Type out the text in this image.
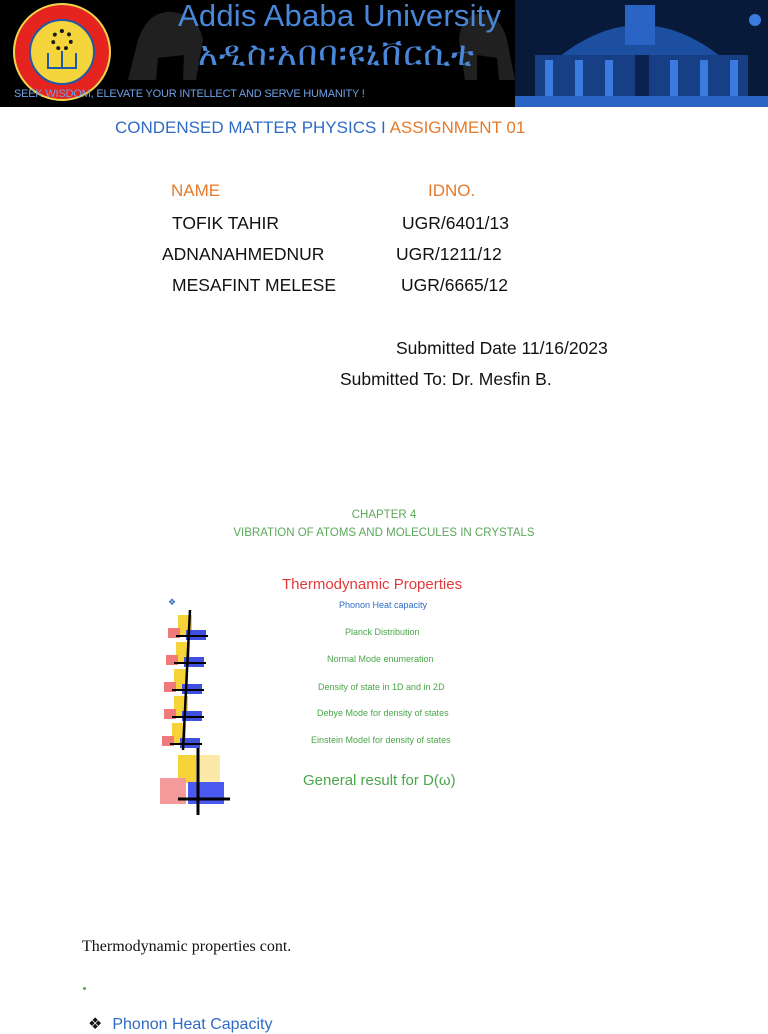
Addis Ababa University
አዲስ፡አበባ፡ዩኒቨርሲቲ
SEEK WISDOM, ELEVATE YOUR INTELLECT AND SERVE HUMANITY !
CONDENSED MATTER PHYSICS I ASSIGNMENT 01
NAME	IDNO.
TOFIK TAHIR	UGR/6401/13
ADNANAHMEDNUR	UGR/1211/12
MESAFINT MELESE	UGR/6665/12
Submitted Date 11/16/2023
Submitted To: Dr. Mesfin B.
CHAPTER 4
VIBRATION OF ATOMS AND MOLECULES IN CRYSTALS
Thermodynamic Properties
❖	Phonon Heat capacity
Planck Distribution
Normal Mode enumeration
Density of state in 1D and in 2D
Debye Mode for density of states
Einstein Model for density of states
General result for D(ω)
Thermodynamic properties cont.
❖ Phonon Heat Capacity
